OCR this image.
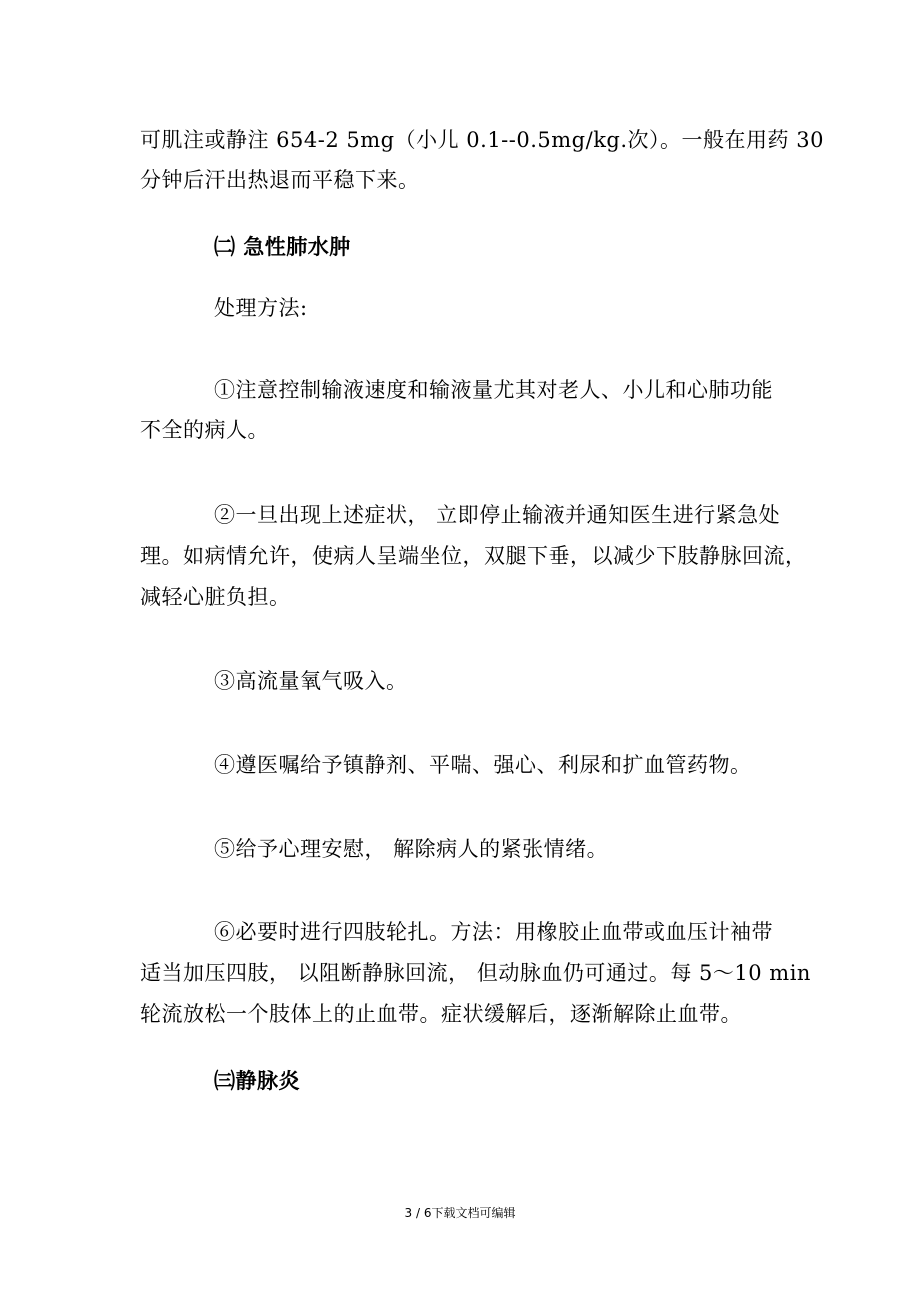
可肌注或静注 654-2 5mg（小儿 0.1--0.5mg/kg.次）。一般在用药 30
分钟后汗出热退而平稳下来。
㈡ 急性肺水肿
处理方法:
①注意控制输液速度和输液量尤其对老人、小儿和心肺功能
不全的病人。
②一旦出现上述症状， 立即停止输液并通知医生进行紧急处
理。如病情允许，使病人呈端坐位，双腿下垂，以减少下肢静脉回流，
减轻心脏负担。
③高流量氧气吸入。
④遵医嘱给予镇静剂、平喘、强心、利尿和扩血管药物。
⑤给予心理安慰， 解除病人的紧张情绪。
⑥必要时进行四肢轮扎。方法：用橡胶止血带或血压计袖带
适当加压四肢， 以阻断静脉回流， 但动脉血仍可通过。每 5～10 min
轮流放松一个肢体上的止血带。症状缓解后，逐渐解除止血带。
㈢静脉炎
3 / 6下载文档可编辑
